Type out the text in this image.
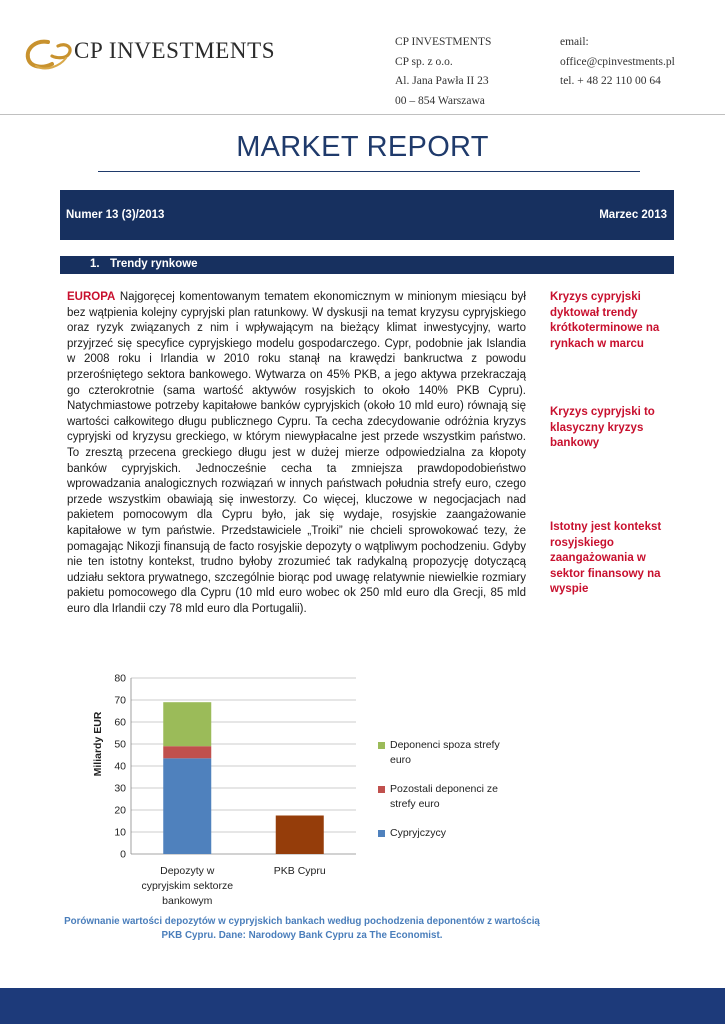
CP INVESTMENTS	CP INVESTMENTS
CP sp. z o.o.
Al. Jana Pawła II 23
00 – 854 Warszawa
email:
office@cpinvestments.pl
tel. + 48 22 110 00 64
MARKET REPORT
Numer 13 (3)/2013	Marzec 2013
1. Trendy rynkowe
EUROPA Najgoręcej komentowanym tematem ekonomicznym w minionym miesiącu był bez wątpienia kolejny cypryjski plan ratunkowy. W dyskusji na temat kryzysu cypryjskiego oraz ryzyk związanych z nim i wpływającym na bieżący klimat inwestycyjny, warto przyjrzeć się specyfice cypryjskiego modelu gospodarczego. Cypr, podobnie jak Islandia w 2008 roku i Irlandia w 2010 roku stanął na krawędzi bankructwa z powodu przerośniętego sektora bankowego. Wytwarza on 45% PKB, a jego aktywa przekraczają go czterokrotnie (sama wartość aktywów rosyjskich to około 140% PKB Cypru). Natychmiastowe potrzeby kapitałowe banków cypryjskich (około 10 mld euro) równają się wartości całkowitego długu publicznego Cypru. Ta cecha zdecydowanie odróżnia kryzys cypryjski od kryzysu greckiego, w którym niewypłacalne jest przede wszystkim państwo. To zresztą przecena greckiego długu jest w dużej mierze odpowiedzialna za kłopoty banków cypryjskich. Jednocześnie cecha ta zmniejsza prawdopodobieństwo wprowadzania analogicznych rozwiązań w innych państwach południa strefy euro, czego przede wszystkim obawiają się inwestorzy. Co więcej, kluczowe w negocjacjach nad pakietem pomocowym dla Cypru było, jak się wydaje, rosyjskie zaangażowanie kapitałowe w tym państwie. Przedstawiciele „Troiki” nie chcieli sprowokować tezy, że pomagając Nikozji finansują de facto rosyjskie depozyty o wątpliwym pochodzeniu. Gdyby nie ten istotny kontekst, trudno byłoby zrozumieć tak radykalną propozycję dotyczącą udziału sektora prywatnego, szczególnie biorąc pod uwagę relatywnie niewielkie rozmiary pakietu pomocowego dla Cypru (10 mld euro wobec ok 250 mld euro dla Grecji, 85 mld euro dla Irlandii czy 78 mld euro dla Portugalii).
Kryzys cypryjski dyktował trendy krótkoterminowe na rynkach w marcu
Kryzys cypryjski to klasyczny kryzys bankowy
Istotny jest kontekst rosyjskiego zaangażowania w sektor finansowy na wyspie
0
10
20
30
40
50
60
70
80
Miliardy EUR
Depozyty w
cypryjskim sektorze
bankowym
PKB Cypru
Deponenci spoza strefy euro
Pozostali deponenci ze strefy euro
Cypryjczycy
Porównanie wartości depozytów w cypryjskich bankach według pochodzenia deponentów z wartością PKB Cypru. Dane: Narodowy Bank Cypru za The Economist.
